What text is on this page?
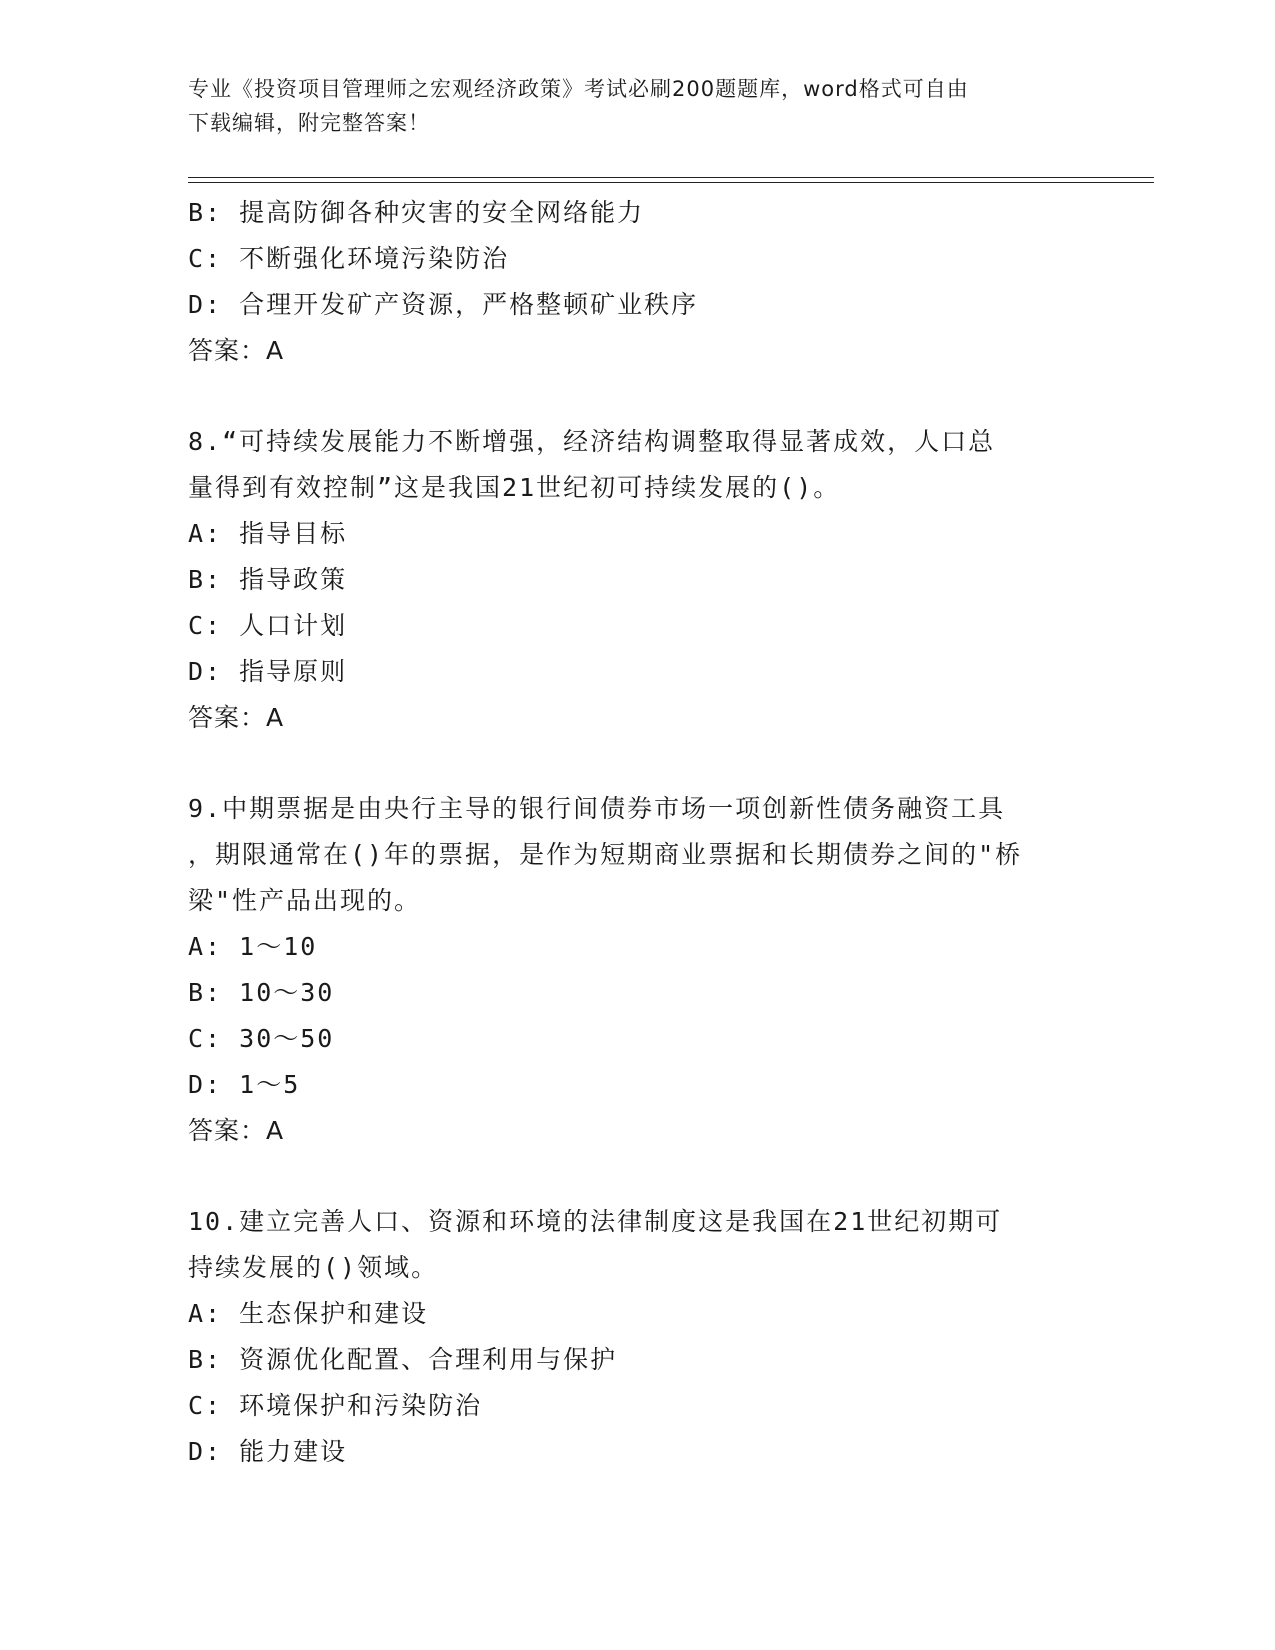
专业《投资项目管理师之宏观经济政策》考试必刷200题题库，word格式可自由
下载编辑，附完整答案！
B: 提高防御各种灾害的安全网络能力
C: 不断强化环境污染防治
D: 合理开发矿产资源，严格整顿矿业秩序
答案：A
8.“可持续发展能力不断增强，经济结构调整取得显著成效，人口总
量得到有效控制”这是我国21世纪初可持续发展的()。
A: 指导目标
B: 指导政策
C: 人口计划
D: 指导原则
答案：A
9.中期票据是由央行主导的银行间债券市场一项创新性债务融资工具
，期限通常在()年的票据，是作为短期商业票据和长期债券之间的"桥
梁"性产品出现的。
A: 1～10
B: 10～30
C: 30～50
D: 1～5
答案：A
10.建立完善人口、资源和环境的法律制度这是我国在21世纪初期可
持续发展的()领域。
A: 生态保护和建设
B: 资源优化配置、合理利用与保护
C: 环境保护和污染防治
D: 能力建设
